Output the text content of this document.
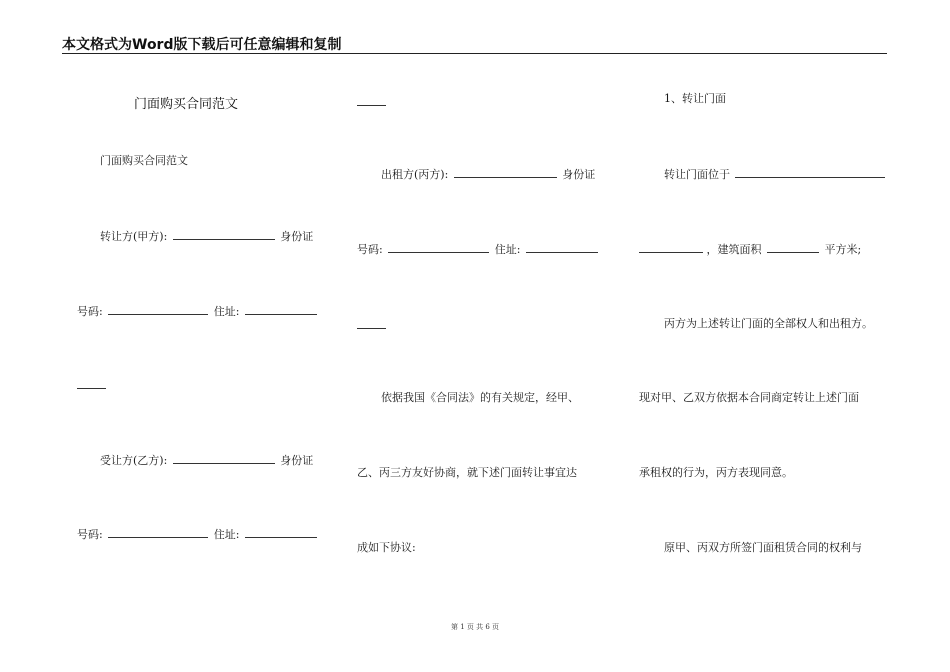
本文格式为Word版下载后可任意编辑和复制
门面购买合同范文
门面购买合同范文
转让方(甲方):	身份证
号码:	住址:
受让方(乙方):	身份证
号码:	住址:
出租方(丙方):	身份证
号码:	住址:
依据我国《合同法》的有关规定，经甲、
乙、丙三方友好协商，就下述门面转让事宜达
成如下协议:
1、转让门面
转让门面位于
，建筑面积	平方米;
丙方为上述转让门面的全部权人和出租方。
现对甲、乙双方依据本合同商定转让上述门面
承租权的行为，丙方表现同意。
原甲、丙双方所签门面租赁合同的权利与
第 1 页 共 6 页
